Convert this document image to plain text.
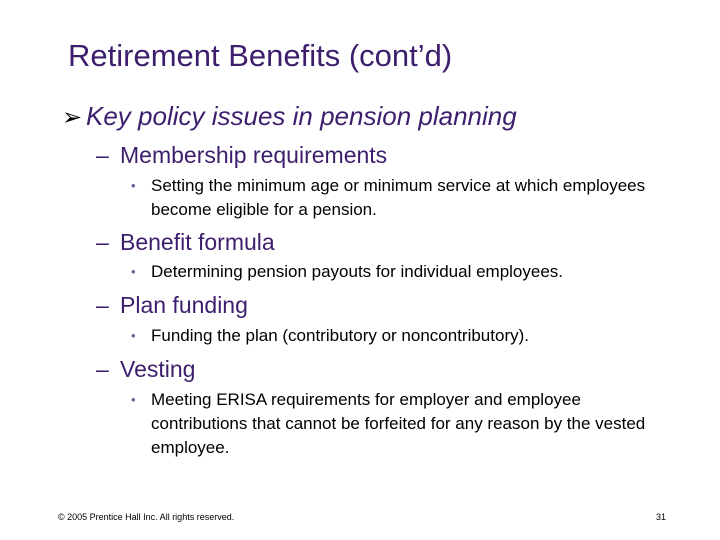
Retirement Benefits (cont’d)
➢ Key policy issues in pension planning
– Membership requirements
• Setting the minimum age or minimum service at which employees become eligible for a pension.
– Benefit formula
• Determining pension payouts for individual employees.
– Plan funding
• Funding the plan (contributory or noncontributory).
– Vesting
• Meeting ERISA requirements for employer and employee contributions that cannot be forfeited for any reason by the vested employee.
© 2005 Prentice Hall Inc. All rights reserved.	31
